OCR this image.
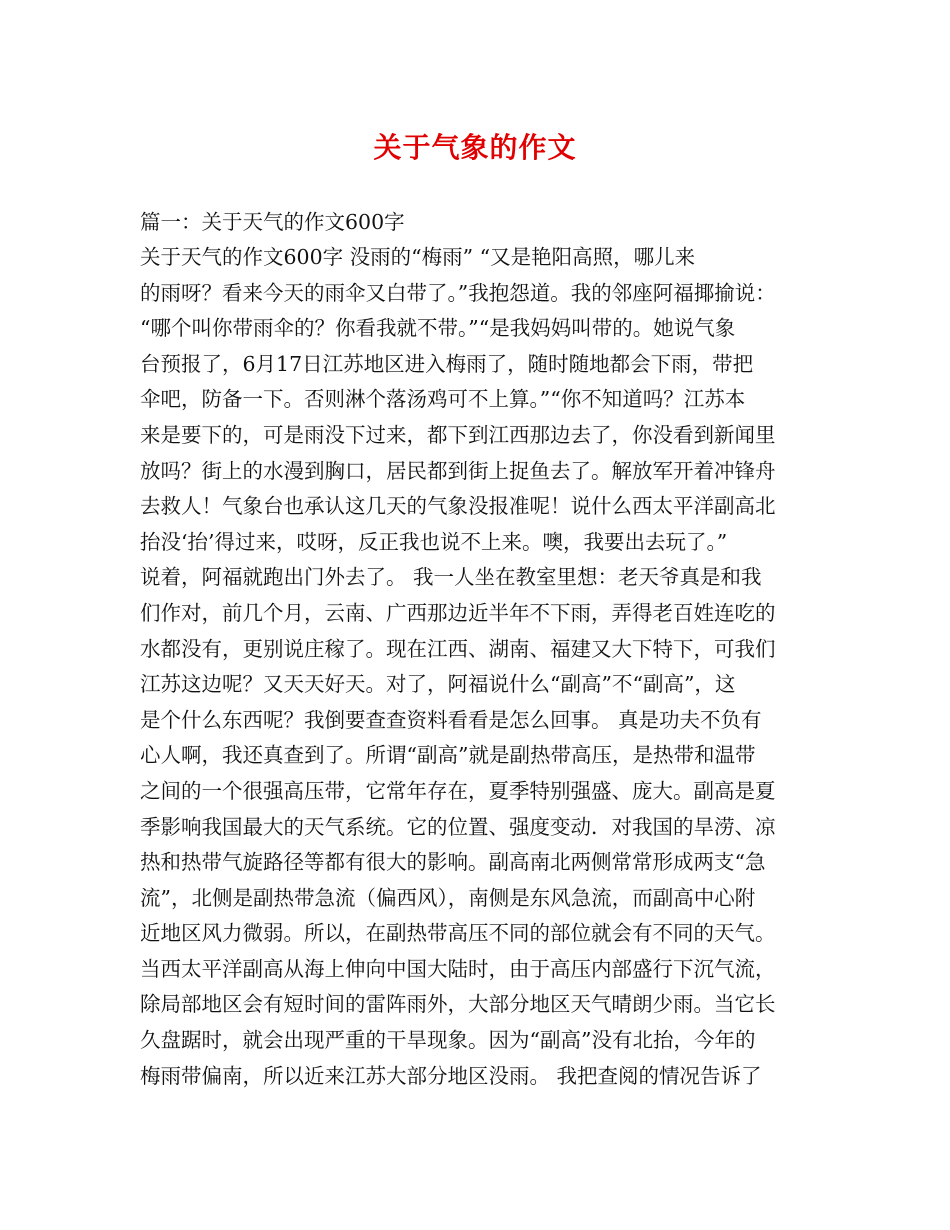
关于气象的作文
篇一：关于天气的作文600字
关于天气的作文600字 没雨的“梅雨” “又是艳阳高照，哪儿来
的雨呀？看来今天的雨伞又白带了。”我抱怨道。我的邻座阿福揶揄说：
“哪个叫你带雨伞的？你看我就不带。”“是我妈妈叫带的。她说气象
台预报了，6月17日江苏地区进入梅雨了，随时随地都会下雨，带把
伞吧，防备一下。否则淋个落汤鸡可不上算。”“你不知道吗？江苏本
来是要下的，可是雨没下过来，都下到江西那边去了，你没看到新闻里
放吗？街上的水漫到胸口，居民都到街上捉鱼去了。解放军开着冲锋舟
去救人！气象台也承认这几天的气象没报准呢！说什么西太平洋副高北
抬没‘抬’得过来，哎呀，反正我也说不上来。噢，我要出去玩了。”
说着，阿福就跑出门外去了。 我一人坐在教室里想：老天爷真是和我
们作对，前几个月，云南、广西那边近半年不下雨，弄得老百姓连吃的
水都没有，更别说庄稼了。现在江西、湖南、福建又大下特下，可我们
江苏这边呢？又天天好天。对了，阿福说什么“副高”不“副高”，这
是个什么东西呢？我倒要查查资料看看是怎么回事。 真是功夫不负有
心人啊，我还真查到了。所谓“副高”就是副热带高压，是热带和温带
之间的一个很强高压带，它常年存在，夏季特别强盛、庞大。副高是夏
季影响我国最大的天气系统。它的位置、强度变动．对我国的旱涝、凉
热和热带气旋路径等都有很大的影响。副高南北两侧常常形成两支“急
流”，北侧是副热带急流（偏西风），南侧是东风急流，而副高中心附
近地区风力微弱。所以，在副热带高压不同的部位就会有不同的天气。
当西太平洋副高从海上伸向中国大陆时，由于高压内部盛行下沉气流，
除局部地区会有短时间的雷阵雨外，大部分地区天气晴朗少雨。当它长
久盘踞时，就会出现严重的干旱现象。因为“副高”没有北抬，今年的
梅雨带偏南，所以近来江苏大部分地区没雨。 我把查阅的情况告诉了
